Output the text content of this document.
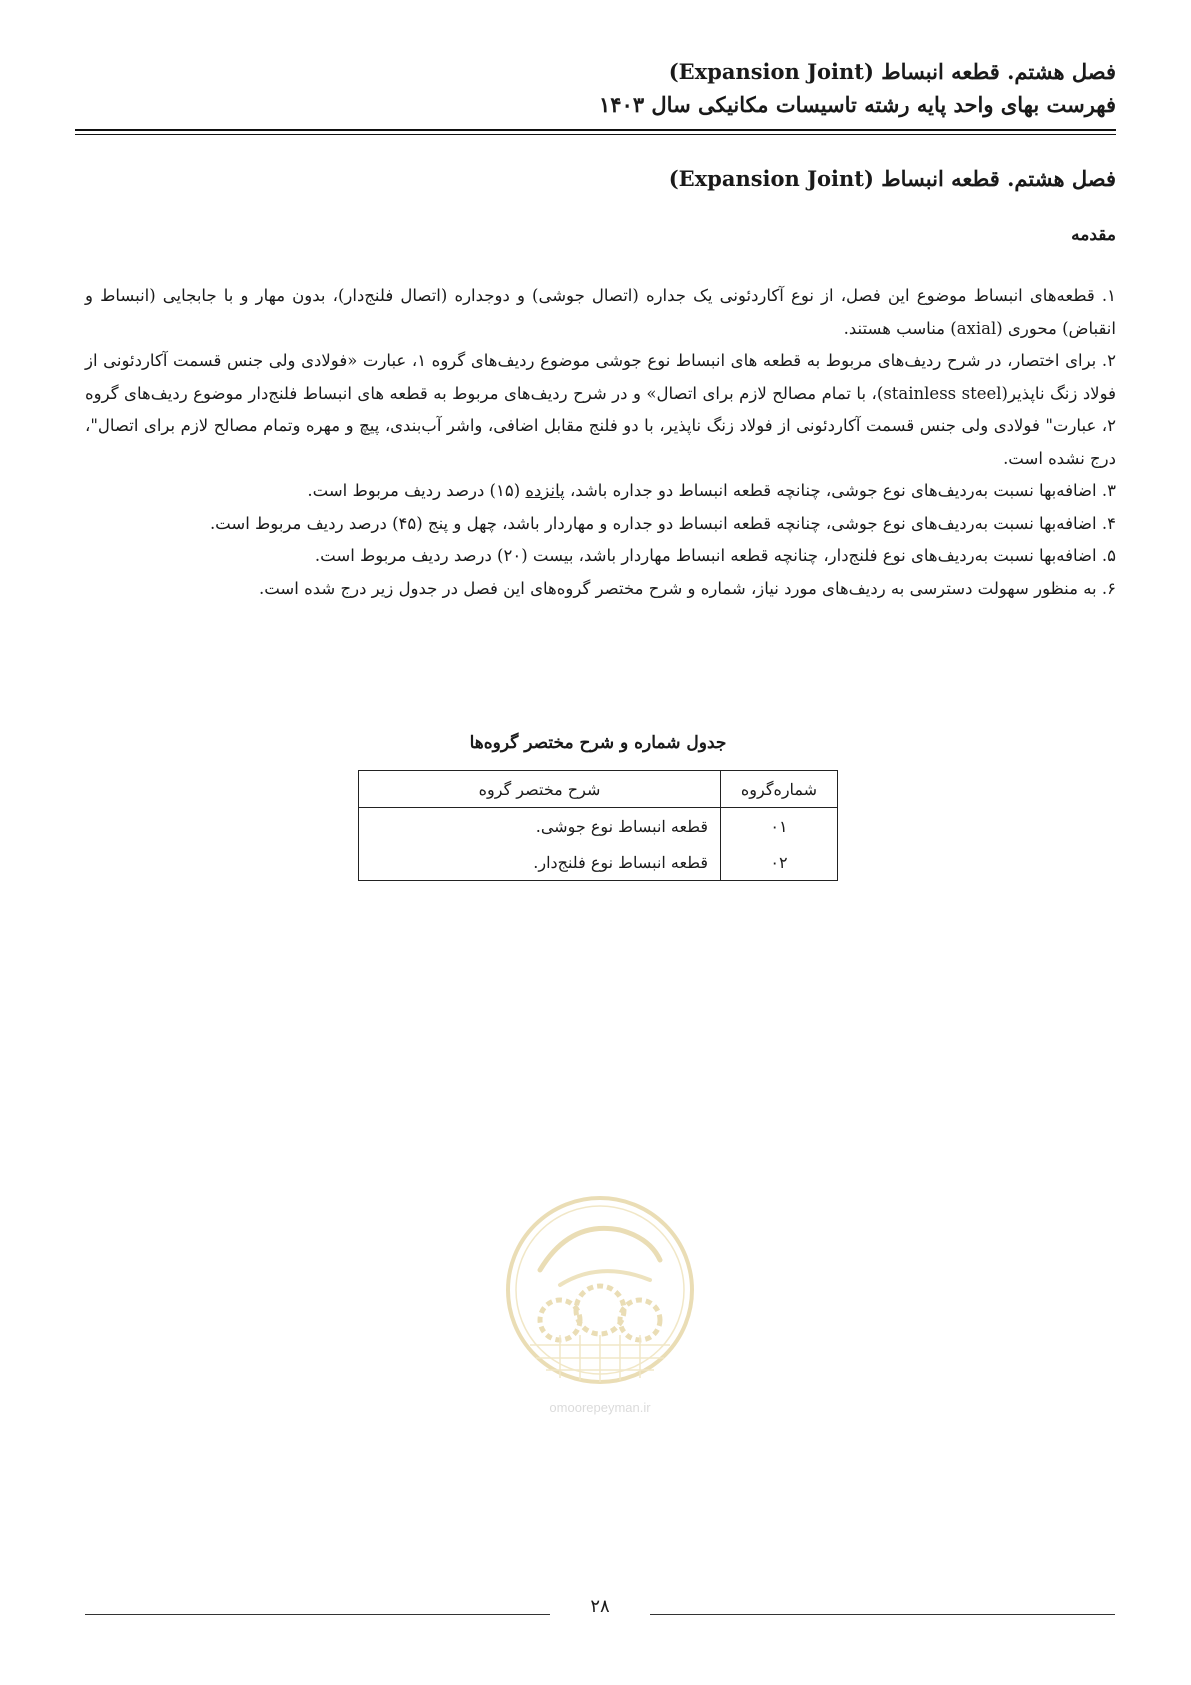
فصل هشتم. قطعه انبساط (Expansion Joint)
فهرست بهای واحد پایه رشته تاسیسات مکانیکی سال ۱۴۰۳
فصل هشتم. قطعه انبساط (Expansion Joint)
مقدمه

۱. قطعه‌های انبساط موضوع این فصل، از نوع آکاردئونی یک جداره (اتصال جوشی) و دوجداره (اتصال فلنج‌دار)، بدون مهار و با جابجایی (انبساط و انقباض) محوری (axial) مناسب هستند.

۲. برای اختصار، در شرح ردیف‌های مربوط به قطعه های انبساط نوع جوشی موضوع ردیف‌های گروه ۱، عبارت «فولادی ولی جنس قسمت آکاردئونی از فولاد زنگ ناپذیر(stainless steel)، با تمام مصالح لازم برای اتصال» و در شرح ردیف‌های مربوط به قطعه های انبساط فلنج‌دار موضوع ردیف‌های گروه ۲، عبارت" فولادی ولی جنس قسمت آکاردئونی از فولاد زنگ ناپذیر، با دو فلنج مقابل اضافی، واشر آب‌بندی، پیچ و مهره وتمام مصالح لازم برای اتصال"، درج نشده است.

۳. اضافه‌بها نسبت به‌ردیف‌های نوع جوشی، چنانچه قطعه انبساط دو جداره باشد، پانزده (۱۵) درصد ردیف مربوط است.

۴. اضافه‌بها نسبت به‌ردیف‌های نوع جوشی، چنانچه قطعه انبساط دو جداره و مهاردار باشد، چهل و پنج (۴۵) درصد ردیف مربوط است.

۵. اضافه‌بها نسبت به‌ردیف‌های نوع فلنج‌دار، چنانچه قطعه انبساط مهاردار باشد، بیست (۲۰) درصد ردیف مربوط است.

۶. به منظور سهولت دسترسی به ردیف‌های مورد نیاز، شماره و شرح مختصر گروه‌های این فصل در جدول زیر درج شده است.

جدول شماره و شرح مختصر گروه‌ها
شماره‌گروه	شرح مختصر گروه
۰۱	قطعه انبساط نوع جوشی.
۰۲	قطعه انبساط نوع فلنج‌دار.
omoorepeyman.ir
۲۸
